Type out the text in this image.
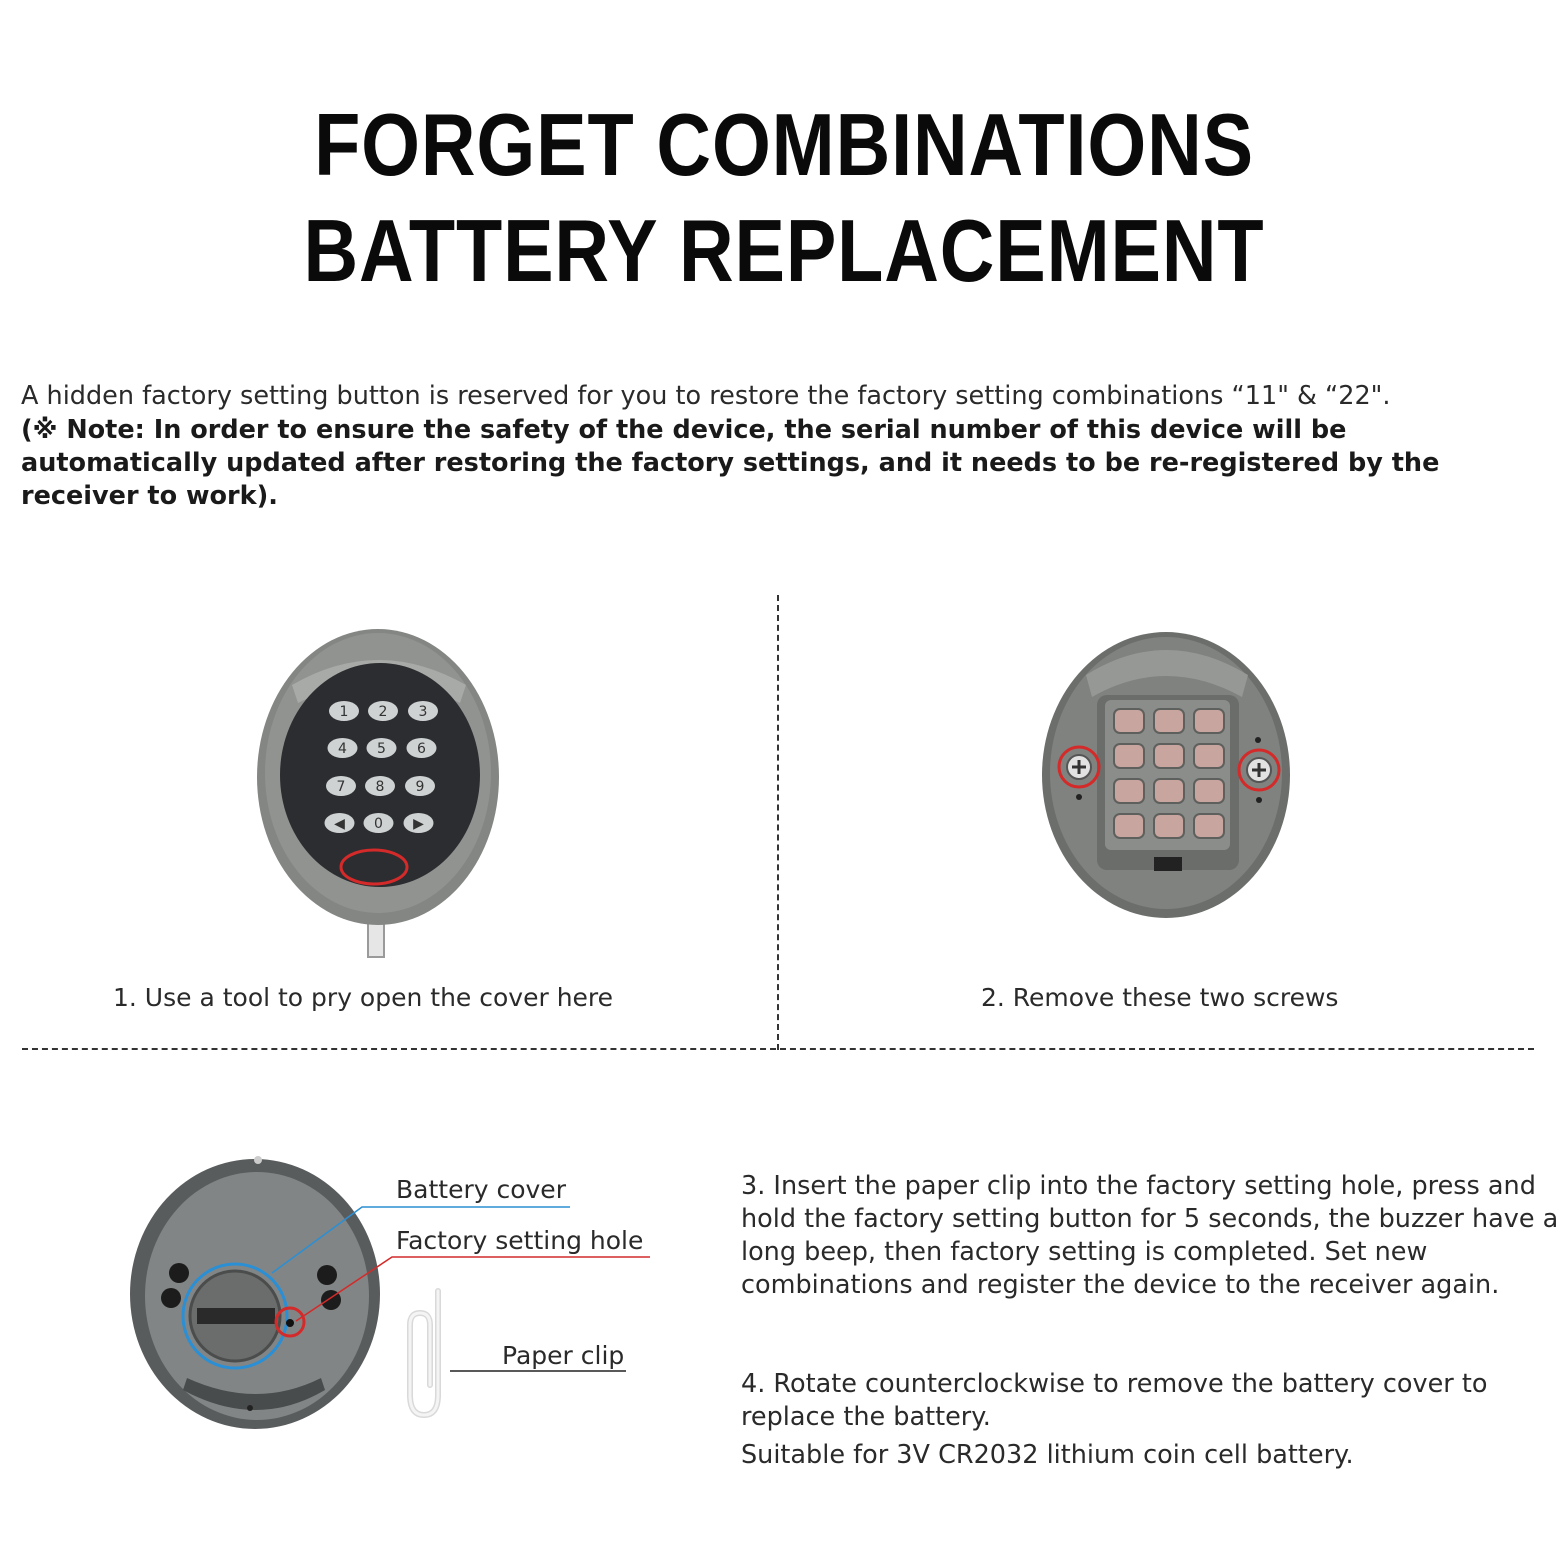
FORGET COMBINATIONS
BATTERY REPLACEMENT
A hidden factory setting button is reserved for you to restore the factory setting combinations “11" & “22".
(※ Note: In order to ensure the safety of the device, the serial number of this device will be automatically updated after restoring the factory settings, and it needs to be re-registered by the receiver to work).
1 2 3
4 5 6
7 8 9
◀ 0 ▶
1. Use a tool to pry open the cover here	2. Remove these two screws
Battery cover
Factory setting hole
Paper clip
3. Insert the paper clip into the factory setting hole, press and hold the factory setting button for 5 seconds, the buzzer have a long beep, then factory setting is completed. Set new combinations and register the device to the receiver again.
4. Rotate counterclockwise to remove the battery cover to replace the battery.
Suitable for 3V CR2032 lithium coin cell battery.
